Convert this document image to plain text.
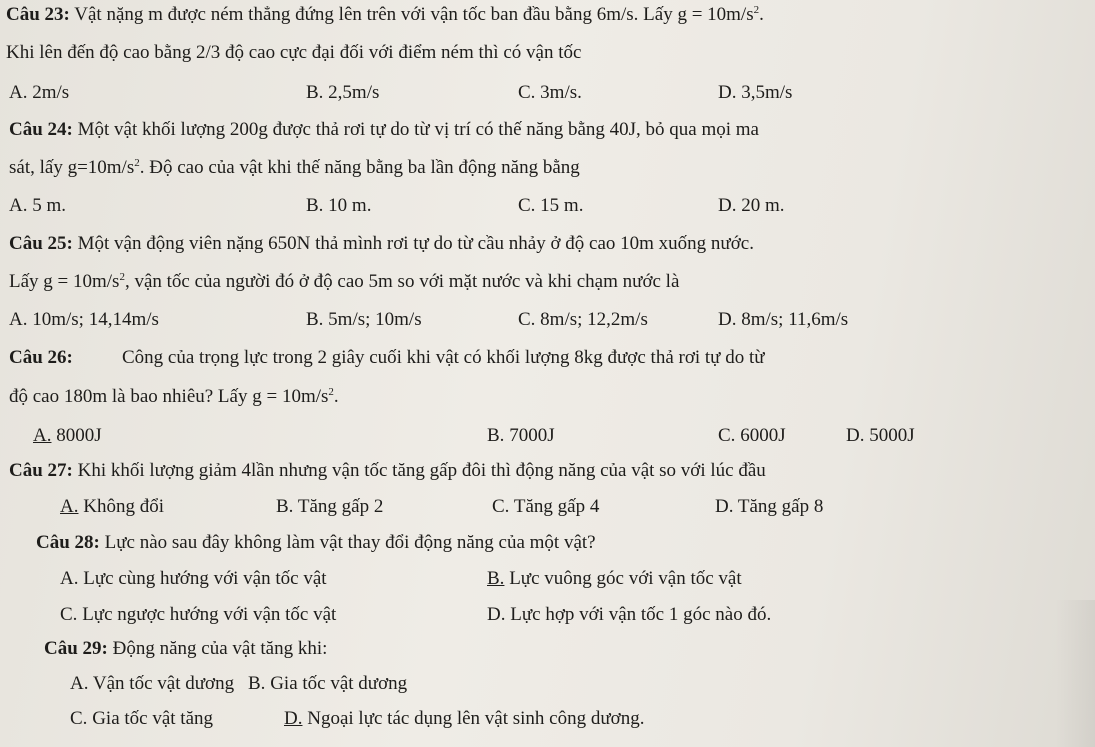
Câu 23: Vật nặng m được ném thẳng đứng lên trên với vận tốc ban đầu bằng 6m/s. Lấy $g = 10m/s^2$.
Khi lên đến độ cao bằng 2/3 độ cao cực đại đối với điểm ném thì có vận tốc
A. 2m/s	B. 2,5m/s	C. 3m/s.	D. 3,5m/s
Câu 24: Một vật khối lượng 200g được thả rơi tự do từ vị trí có thế năng bằng 40J, bỏ qua mọi ma
sát, lấy $g=10m/s^2$. Độ cao của vật khi thế năng bằng ba lần động năng bằng
A. 5 m.	B. 10 m.	C. 15 m.	D. 20 m.
Câu 25: Một vận động viên nặng 650N thả mình rơi tự do từ cầu nhảy ở độ cao 10m xuống nước.
Lấy $g = 10m/s^2$, vận tốc của người đó ở độ cao 5m so với mặt nước và khi chạm nước là
A. 10m/s; 14,14m/s	B. 5m/s; 10m/s	C. 8m/s; 12,2m/s	D. 8m/s; 11,6m/s
Câu 26:	Công của trọng lực trong 2 giây cuối khi vật có khối lượng 8kg được thả rơi tự do từ
độ cao 180m là bao nhiêu? Lấy $g = 10m/s^2$.
A. 8000J	B. 7000J	C. 6000J	D. 5000J
Câu 27: Khi khối lượng giảm 4lần nhưng vận tốc tăng gấp đôi thì động năng của vật so với lúc đầu
A. Không đổi	B. Tăng gấp 2	C. Tăng gấp 4	D. Tăng gấp 8
Câu 28: Lực nào sau đây không làm vật thay đổi động năng của một vật?
A. Lực cùng hướng với vận tốc vật	B. Lực vuông góc với vận tốc vật
C. Lực ngược hướng với vận tốc vật	D. Lực hợp với vận tốc 1 góc nào đó.
Câu 29: Động năng của vật tăng khi:
A. Vận tốc vật dương B. Gia tốc vật dương
C. Gia tốc vật tăng	D. Ngoại lực tác dụng lên vật sinh công dương.
